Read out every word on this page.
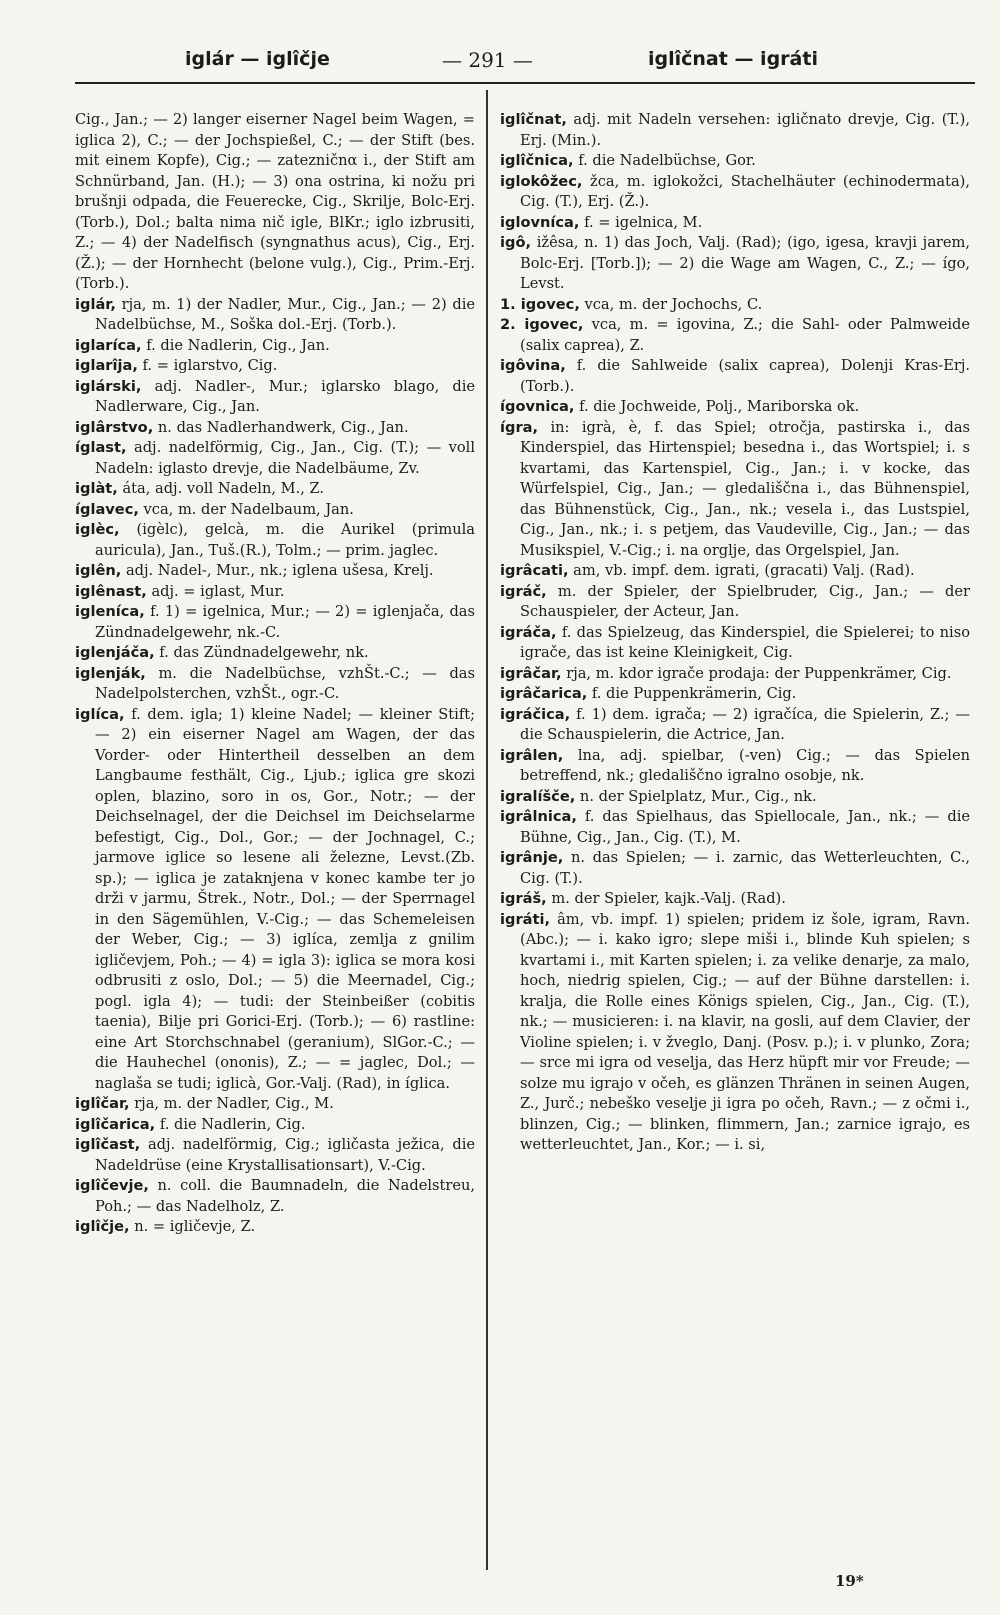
iglár — iglîčje	— 291 —	iglîčnat — igráti

Cig., Jan.; — 2) langer eiserner Nagel beim Wagen, = iglica 2), C.; — der Jochspießel, C.; — der Stift (bes. mit einem Kopfe), Cig.; — zatezničnα i., der Stift am Schnürband, Jan. (H.); — 3) ona ostrina, ki nožu pri brušnji odpada, die Feuerecke, Cig., Skrilje, Bolc-Erj.(Torb.), Dol.; balta nima nič igle, BlKr.; iglo izbrusiti, Z.; — 4) der Nadelfisch (syngnathus acus), Cig., Erj. (Ž.); — der Hornhecht (belone vulg.), Cig., Prim.-Erj. (Torb.).

iglár, rja, m. 1) der Nadler, Mur., Cig., Jan.; — 2) die Nadelbüchse, M., Soška dol.-Erj. (Torb.).

iglaríca, f. die Nadlerin, Cig., Jan.

iglarîja, f. = iglarstvo, Cig.

iglárski, adj. Nadler-, Mur.; iglarsko blago, die Nadlerware, Cig., Jan.

iglârstvo, n. das Nadlerhandwerk, Cig., Jan.

íglast, adj. nadelförmig, Cig., Jan., Cig. (T.); — voll Nadeln: iglasto drevje, die Nadelbäume, Zv.

iglàt, áta, adj. voll Nadeln, M., Z.

íglavec, vca, m. der Nadelbaum, Jan.

iglèc, (igèlc), gelcà, m. die Aurikel (primula auricula), Jan., Tuš.(R.), Tolm.; — prim. jaglec.

iglên, adj. Nadel-, Mur., nk.; iglena ušesa, Krelj.

iglênast, adj. = iglast, Mur.

igleníca, f. 1) = igelnica, Mur.; — 2) = iglenjača, das Zündnadelgewehr, nk.-C.

iglenjáča, f. das Zündnadelgewehr, nk.

iglenják, m. die Nadelbüchse, vzhŠt.-C.; — das Nadelpolsterchen, vzhŠt., ogr.-C.

iglíca, f. dem. igla; 1) kleine Nadel; — kleiner Stift; — 2) ein eiserner Nagel am Wagen, der das Vorder- oder Hintertheil desselben an dem Langbaume festhält, Cig., Ljub.; iglica gre skozi oplen, blazino, soro in os, Gor., Notr.; — der Deichselnagel, der die Deichsel im Deichselarme befestigt, Cig., Dol., Gor.; — der Jochnagel, C.; jarmove iglice so lesene ali železne, Levst.(Zb. sp.); — iglica je zataknjena v konec kambe ter jo drži v jarmu, Štrek., Notr., Dol.; — der Sperrnagel in den Sägemühlen, V.-Cig.; — das Schemeleisen der Weber, Cig.; — 3) iglíca, zemlja z gnilim igličevjem, Poh.; — 4) = igla 3): iglica se mora kosi odbrusiti z oslo, Dol.; — 5) die Meernadel, Cig.; pogl. igla 4); — tudi: der Steinbeißer (cobitis taenia), Bilje pri Gorici-Erj. (Torb.); — 6) rastline: eine Art Storchschnabel (geranium), SlGor.-C.; — die Hauhechel (ononis), Z.; — = jaglec, Dol.; — naglaša se tudi; iglicà, Gor.-Valj. (Rad), in íglica.

iglîčar, rja, m. der Nadler, Cig., M.

iglîčarica, f. die Nadlerin, Cig.

iglîčast, adj. nadelförmig, Cig.; igličasta ježica, die Nadeldrüse (eine Krystallisationsart), V.-Cig.

iglîčevje, n. coll. die Baumnadeln, die Nadelstreu, Poh.; — das Nadelholz, Z.

iglîčje, n. = igličevje, Z.

iglîčnat, adj. mit Nadeln versehen: igličnato drevje, Cig. (T.), Erj. (Min.).

iglîčnica, f. die Nadelbüchse, Gor.

iglokôžec, žca, m. iglokožci, Stachelhäuter (echinodermata), Cig. (T.), Erj. (Ž.).

iglovníca, f. = igelnica, M.

igô, ižêsa, n. 1) das Joch, Valj. (Rad); (igo, igesa, kravji jarem, Bolc-Erj. [Torb.]); — 2) die Wage am Wagen, C., Z.; — ígo, Levst.

1. igovec, vca, m. der Jochochs, C.

2. igovec, vca, m. = igovina, Z.; die Sahl- oder Palmweide (salix caprea), Z.

igôvina, f. die Sahlweide (salix caprea), Dolenji Kras-Erj. (Torb.).

ígovnica, f. die Jochweide, Polj., Mariborska ok.

ígra, in: igrà, è, f. das Spiel; otročja, pastirska i., das Kinderspiel, das Hirtenspiel; besedna i., das Wortspiel; i. s kvartami, das Kartenspiel, Cig., Jan.; i. v kocke, das Würfelspiel, Cig., Jan.; — gledališčna i., das Bühnenspiel, das Bühnenstück, Cig., Jan., nk.; vesela i., das Lustspiel, Cig., Jan., nk.; i. s petjem, das Vaudeville, Cig., Jan.; — das Musikspiel, V.-Cig.; i. na orglje, das Orgelspiel, Jan.

igrâcati, am, vb. impf. dem. igrati, (gracati) Valj. (Rad).

igráč, m. der Spieler, der Spielbruder, Cig., Jan.; — der Schauspieler, der Acteur, Jan.

igráča, f. das Spielzeug, das Kinderspiel, die Spielerei; to niso igrače, das ist keine Kleinigkeit, Cig.

igrâčar, rja, m. kdor igrače prodaja: der Puppenkrämer, Cig.

igrâčarica, f. die Puppenkrämerin, Cig.

igráčica, f. 1) dem. igrača; — 2) igračíca, die Spielerin, Z.; — die Schauspielerin, die Actrice, Jan.

igrâlen, lna, adj. spielbar, (-ven) Cig.; — das Spielen betreffend, nk.; gledališčno igralno osobje, nk.

igralíšče, n. der Spielplatz, Mur., Cig., nk.

igrâlnica, f. das Spielhaus, das Spiellocale, Jan., nk.; — die Bühne, Cig., Jan., Cig. (T.), M.

igrânje, n. das Spielen; — i. zarnic, das Wetterleuchten, C., Cig. (T.).

igráš, m. der Spieler, kajk.-Valj. (Rad).

igráti, âm, vb. impf. 1) spielen; pridem iz šole, igram, Ravn. (Abc.); — i. kako igro; slepe miši i., blinde Kuh spielen; s kvartami i., mit Karten spielen; i. za velike denarje, za malo, hoch, niedrig spielen, Cig.; — auf der Bühne darstellen: i. kralja, die Rolle eines Königs spielen, Cig., Jan., Cig. (T.), nk.; — musicieren: i. na klavir, na gosli, auf dem Clavier, der Violine spielen; i. v žveglo, Danj. (Posv. p.); i. v plunko, Zora; — srce mi igra od veselja, das Herz hüpft mir vor Freude; — solze mu igrajo v očeh, es glänzen Thränen in seinen Augen, Z., Jurč.; nebeško veselje ji igra po očeh, Ravn.; — z očmi i., blinzen, Cig.; — blinken, flimmern, Jan.; zarnice igrajo, es wetterleuchtet, Jan., Kor.; — i. si,

19*
